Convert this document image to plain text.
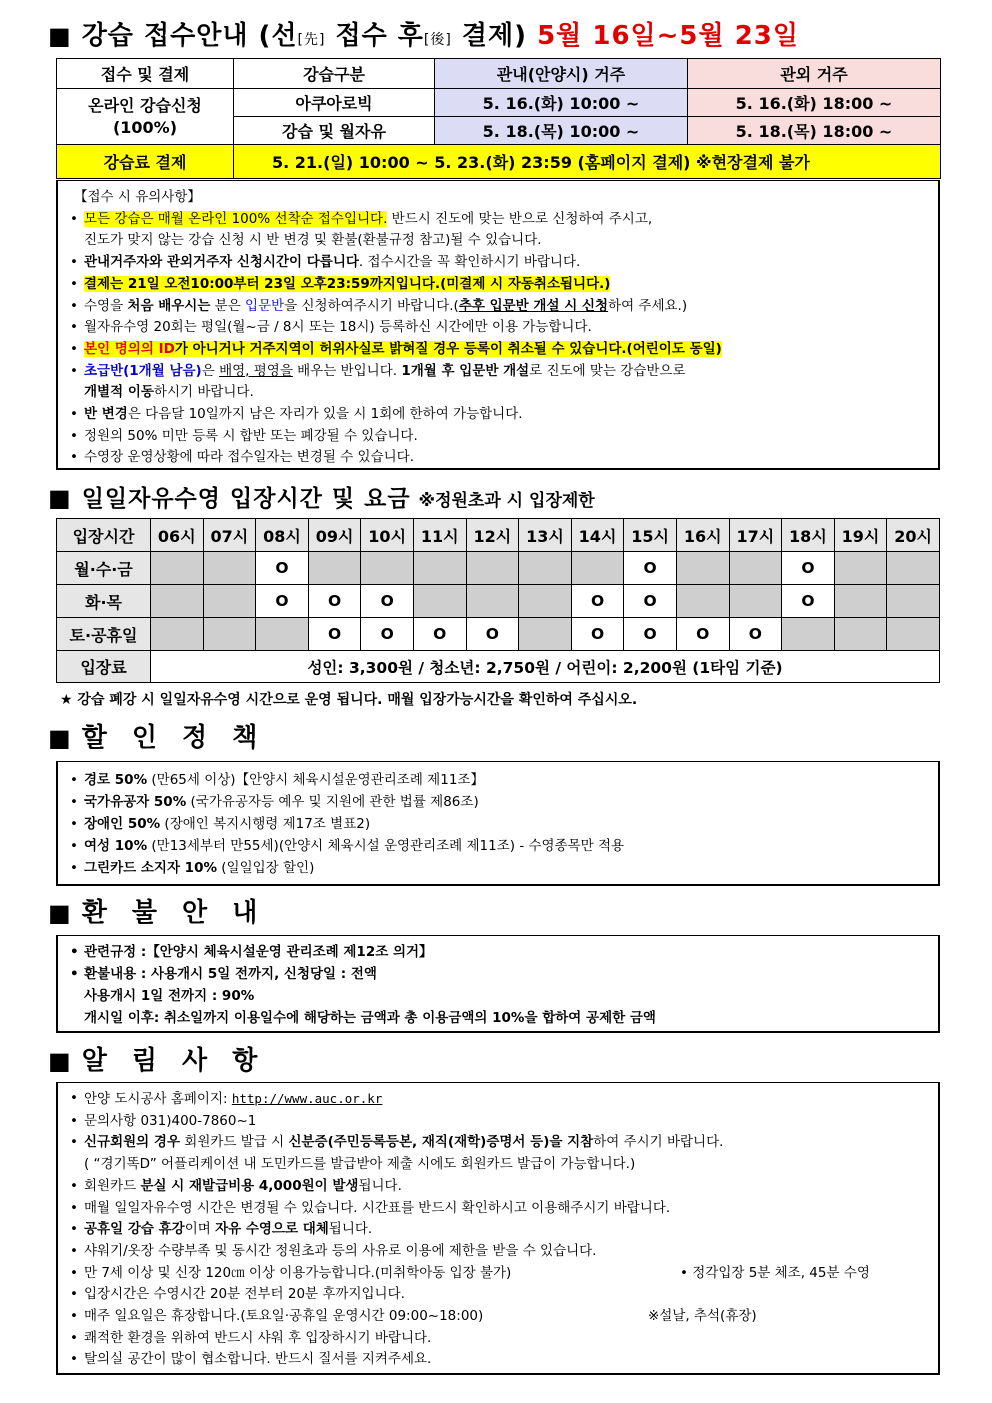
■ 강습 접수안내 (선[先] 접수 후[後] 결제) 5월 16일~5월 23일
접수 및 결제	강습구분	관내(안양시) 거주	관외 거주

온라인 강습신청
(100%)	아쿠아로빅	5. 16.(화) 10:00 ~	5. 16.(화) 18:00 ~
	강습 및 월자유	5. 18.(목) 10:00 ~	5. 18.(목) 18:00 ~
강습료 결제	5. 21.(일) 10:00 ~ 5. 23.(화) 23:59 (홈페이지 결제) ※현장결제 불가		
【접수 시 유의사항】
• 모든 강습은 매월 온라인 100% 선착순 접수입니다. 반드시 진도에 맞는 반으로 신청하여 주시고,
진도가 맞지 않는 강습 신청 시 반 변경 및 환불(환불규정 참고)될 수 있습니다.
• 관내거주자와 관외거주자 신청시간이 다릅니다. 접수시간을 꼭 확인하시기 바랍니다.
• 결제는 21일 오전10:00부터 23일 오후23:59까지입니다.(미결제 시 자동취소됩니다.)
• 수영을 처음 배우시는 분은 입문반을 신청하여주시기 바랍니다.(추후 입문반 개설 시 신청하여 주세요.)
• 월자유수영 20회는 평일(월~금 / 8시 또는 18시) 등록하신 시간에만 이용 가능합니다.
• 본인 명의의 ID가 아니거나 거주지역이 허위사실로 밝혀질 경우 등록이 취소될 수 있습니다.(어린이도 동일)
• 초급반(1개월 남음)은 배영, 평영을 배우는 반입니다. 1개월 후 입문반 개설로 진도에 맞는 강습반으로
개별적 이동하시기 바랍니다.
• 반 변경은 다음달 10일까지 남은 자리가 있을 시 1회에 한하여 가능합니다.
• 정원의 50% 미만 등록 시 합반 또는 폐강될 수 있습니다.
• 수영장 운영상황에 따라 접수일자는 변경될 수 있습니다.
■ 일일자유수영 입장시간 및 요금 ※정원초과 시 입장제한
입장시간	06시	07시	08시	09시	10시	11시	12시	13시	14시	15시	16시	17시	18시	19시	20시
월·수·금			O							O			O		
화·목			O	O	O				O	O			O		
토·공휴일				O	O	O	O		O	O	O	O			
입장료	성인: 3,300원 / 청소년: 2,750원 / 어린이: 2,200원 (1타임 기준)														
★ 강습 폐강 시 일일자유수영 시간으로 운영 됩니다. 매월 입장가능시간을 확인하여 주십시오.
■ 할 인 정 책
• 경로 50% (만65세 이상)【안양시 체육시설운영관리조례 제11조】
• 국가유공자 50% (국가유공자등 예우 및 지원에 관한 법률 제86조)
• 장애인 50% (장애인 복지시행령 제17조 별표2)
• 여성 10% (만13세부터 만55세)(안양시 체육시설 운영관리조례 제11조) - 수영종목만 적용
• 그린카드 소지자 10% (일일입장 할인)
■ 환 불 안 내
• 관련규정 :【안양시 체육시설운영 관리조례 제12조 의거】
• 환불내용 : 사용개시 5일 전까지, 신청당일 : 전액
사용개시 1일 전까지 : 90%
개시일 이후: 취소일까지 이용일수에 해당하는 금액과 총 이용금액의 10%을 합하여 공제한 금액
■ 알 림 사 항
• 안양 도시공사 홈페이지: http://www.auc.or.kr
• 문의사항 031)400-7860~1
• 신규회원의 경우 회원카드 발급 시 신분증(주민등록등본, 재직(재학)증명서 등)을 지참하여 주시기 바랍니다.
( “경기똑D” 어플리케이션 내 도민카드를 발급받아 제출 시에도 회원카드 발급이 가능합니다.)
• 회원카드 분실 시 재발급비용 4,000원이 발생됩니다.
• 매월 일일자유수영 시간은 변경될 수 있습니다. 시간표를 반드시 확인하시고 이용해주시기 바랍니다.
• 공휴일 강습 휴강이며 자유 수영으로 대체됩니다.
• 샤워기/옷장 수량부족 및 동시간 정원초과 등의 사유로 이용에 제한을 받을 수 있습니다.
• 만 7세 이상 및 신장 120㎝ 이상 이용가능합니다.(미취학아동 입장 불가)	• 정각입장 5분 체조, 45분 수영
• 입장시간은 수영시간 20분 전부터 20분 후까지입니다.
• 매주 일요일은 휴장합니다.(토요일·공휴일 운영시간 09:00~18:00)	※설날, 추석(휴장)
• 쾌적한 환경을 위하여 반드시 샤워 후 입장하시기 바랍니다.
• 탈의실 공간이 많이 협소합니다. 반드시 질서를 지켜주세요.
